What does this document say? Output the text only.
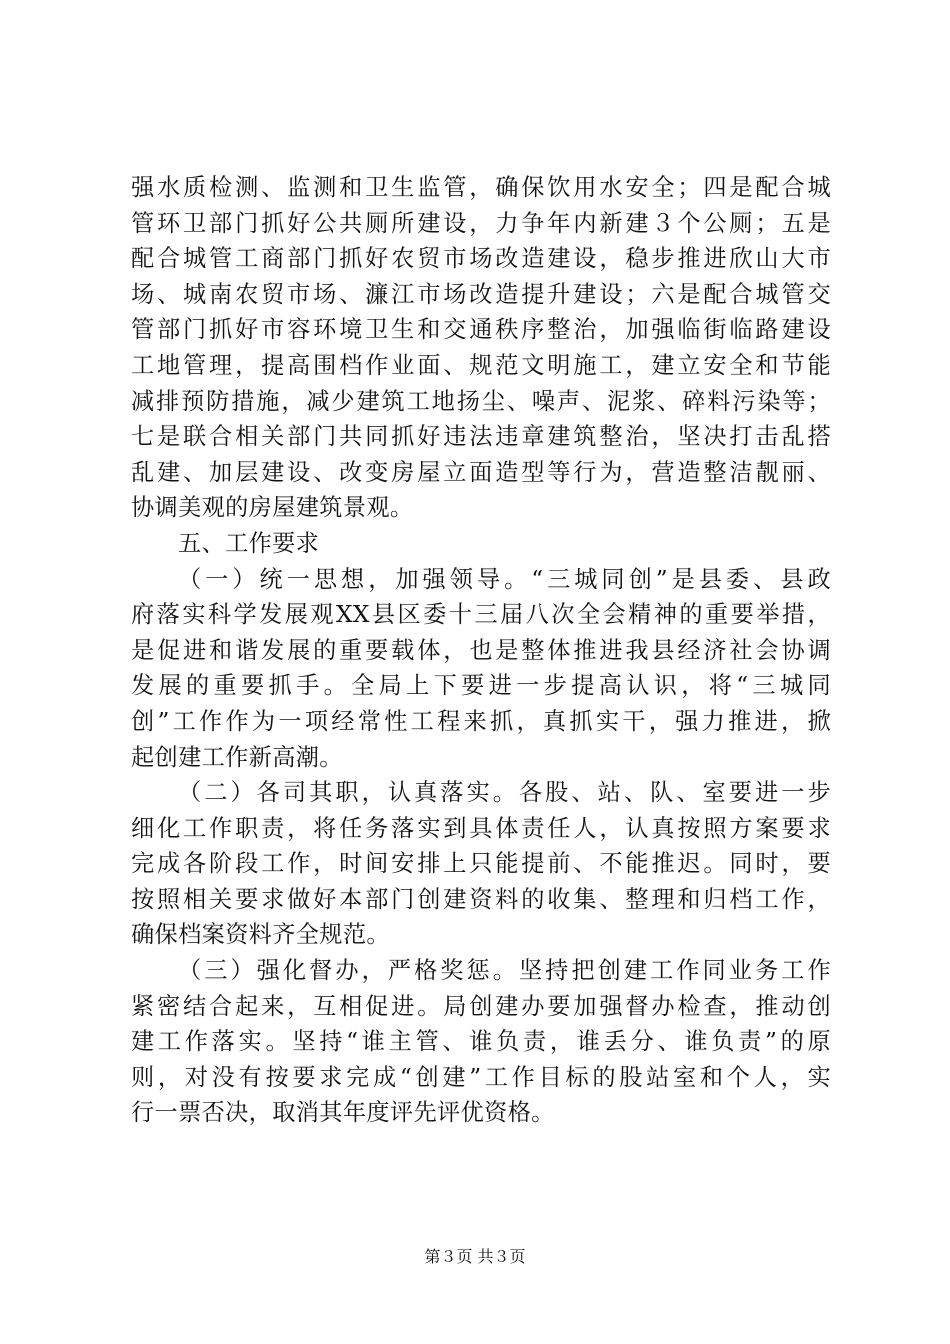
强水质检测、监测和卫生监管，确保饮用水安全；四是配合城
管环卫部门抓好公共厕所建设，力争年内新建３个公厕；五是
配合城管工商部门抓好农贸市场改造建设，稳步推进欣山大市
场、城南农贸市场、濂江市场改造提升建设；六是配合城管交
管部门抓好市容环境卫生和交通秩序整治，加强临街临路建设
工地管理，提高围档作业面、规范文明施工，建立安全和节能
减排预防措施，减少建筑工地扬尘、噪声、泥浆、碎料污染等；
七是联合相关部门共同抓好违法违章建筑整治，坚决打击乱搭
乱建、加层建设、改变房屋立面造型等行为，营造整洁靓丽、
协调美观的房屋建筑景观。
五、工作要求
（一）统一思想，加强领导。“三城同创”是县委、县政
府落实科学发展观XX县区委十三届八次全会精神的重要举措，
是促进和谐发展的重要载体，也是整体推进我县经济社会协调
发展的重要抓手。全局上下要进一步提高认识，将“三城同
创”工作作为一项经常性工程来抓，真抓实干，强力推进，掀
起创建工作新高潮。
（二）各司其职，认真落实。各股、站、队、室要进一步
细化工作职责，将任务落实到具体责任人，认真按照方案要求
完成各阶段工作，时间安排上只能提前、不能推迟。同时，要
按照相关要求做好本部门创建资料的收集、整理和归档工作，
确保档案资料齐全规范。
（三）强化督办，严格奖惩。坚持把创建工作同业务工作
紧密结合起来，互相促进。局创建办要加强督办检查，推动创
建工作落实。坚持“谁主管、谁负责，谁丢分、谁负责”的原
则，对没有按要求完成“创建”工作目标的股站室和个人，实
行一票否决，取消其年度评先评优资格。
第３页 共３页
